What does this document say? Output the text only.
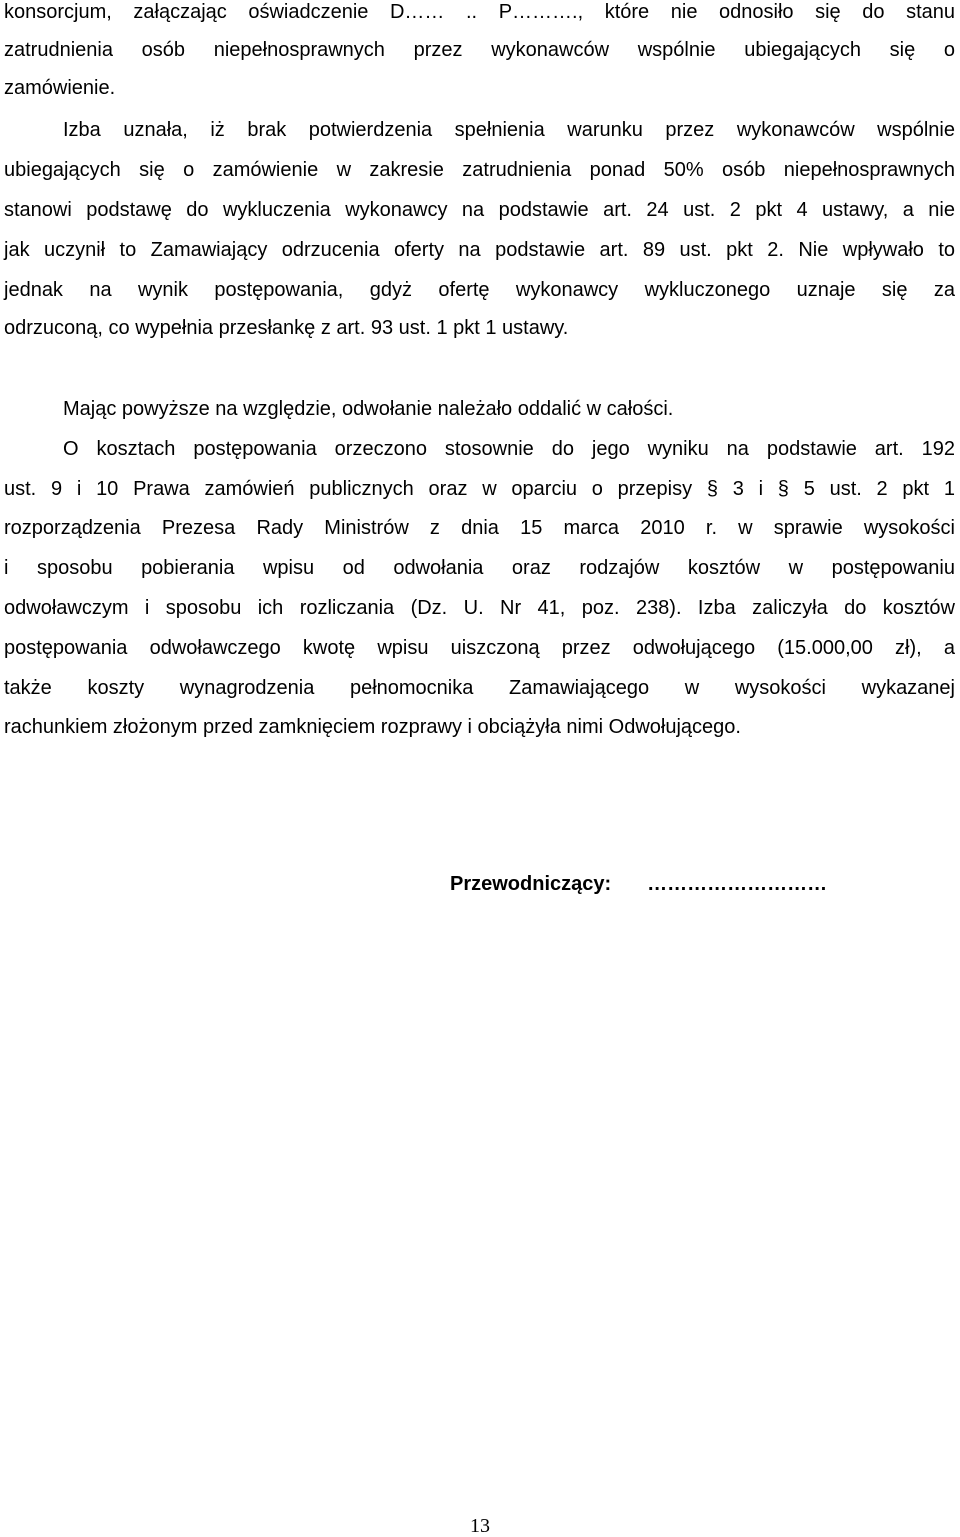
konsorcjum, załączając oświadczenie D…… .. P………., które nie odnosiło się do stanu

zatrudnienia osób niepełnosprawnych przez wykonawców wspólnie ubiegających się o

zamówienie.

Izba uznała, iż brak potwierdzenia spełnienia warunku przez wykonawców wspólnie

ubiegających się o zamówienie w zakresie zatrudnienia ponad 50% osób niepełnosprawnych

stanowi podstawę do wykluczenia wykonawcy na podstawie art. 24 ust. 2 pkt 4 ustawy, a nie

jak uczynił to Zamawiający odrzucenia oferty na podstawie art. 89 ust. pkt 2. Nie wpływało to

jednak na wynik postępowania, gdyż ofertę wykonawcy wykluczonego uznaje się za

odrzuconą, co wypełnia przesłankę z art. 93 ust. 1 pkt 1 ustawy.

Mając powyższe na względzie, odwołanie należało oddalić w całości.

O kosztach postępowania orzeczono stosownie do jego wyniku na podstawie art. 192

ust. 9 i 10 Prawa zamówień publicznych oraz w oparciu o przepisy § 3 i § 5 ust. 2 pkt 1

rozporządzenia Prezesa Rady Ministrów z dnia 15 marca 2010 r. w sprawie wysokości

i sposobu pobierania wpisu od odwołania oraz rodzajów kosztów w postępowaniu

odwoławczym i sposobu ich rozliczania (Dz. U. Nr 41, poz. 238). Izba zaliczyła do kosztów

postępowania odwoławczego kwotę wpisu uiszczoną przez odwołującego (15.000,00 zł), a

także koszty wynagrodzenia pełnomocnika Zamawiającego w wysokości wykazanej

rachunkiem złożonym przed zamknięciem rozprawy i obciążyła nimi Odwołującego.

Przewodniczący: ………………………
13
